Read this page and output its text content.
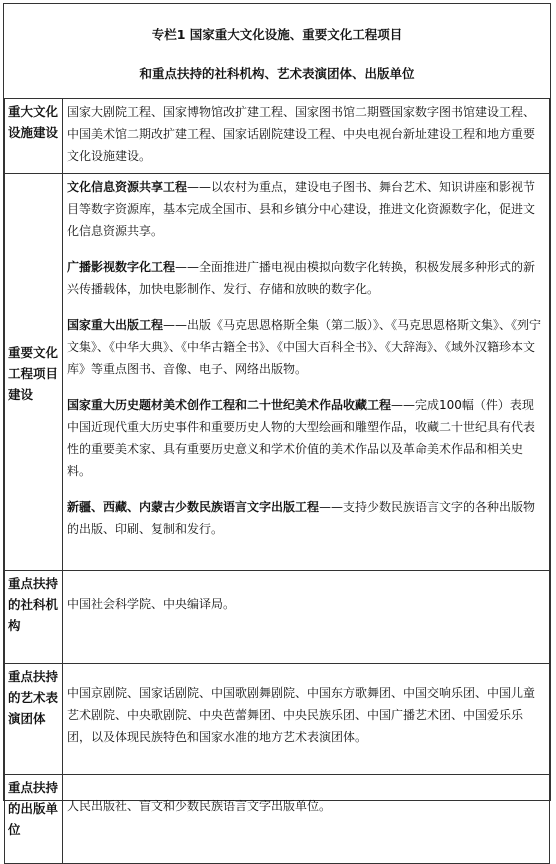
专栏1 国家重大文化设施、重要文化工程项目
和重点扶持的社科机构、艺术表演团体、出版单位
重大文化设施建设	国家大剧院工程、国家博物馆改扩建工程、国家图书馆二期暨国家数字图书馆建设工程、中国美术馆二期改扩建工程、国家话剧院建设工程、中央电视台新址建设工程和地方重要文化设施建设。
重要文化工程项目建设	文化信息资源共享工程——以农村为重点，建设电子图书、舞台艺术、知识讲座和影视节目等数字资源库，基本完成全国市、县和乡镇分中心建设，推进文化资源数字化，促进文化信息资源共享。

广播影视数字化工程——全面推进广播电视由模拟向数字化转换，积极发展多种形式的新兴传播载体，加快电影制作、发行、存储和放映的数字化。

国家重大出版工程——出版《马克思恩格斯全集（第二版）》、《马克思恩格斯文集》、《列宁文集》、《中华大典》、《中华古籍全书》、《中国大百科全书》、《大辞海》、《域外汉籍珍本文库》等重点图书、音像、电子、网络出版物。

国家重大历史题材美术创作工程和二十世纪美术作品收藏工程——完成100幅（件）表现中国近现代重大历史事件和重要历史人物的大型绘画和雕塑作品，收藏二十世纪具有代表性的重要美术家、具有重要历史意义和学术价值的美术作品以及革命美术作品和相关史料。

新疆、西藏、内蒙古少数民族语言文字出版工程——支持少数民族语言文字的各种出版物的出版、印刷、复制和发行。

重点扶持的社科机构	中国社会科学院、中央编译局。
重点扶持的艺术表演团体	中国京剧院、国家话剧院、中国歌剧舞剧院、中国东方歌舞团、中国交响乐团、中国儿童艺术剧院、中央歌剧院、中央芭蕾舞团、中央民族乐团、中国广播艺术团、中国爱乐乐团，以及体现民族特色和国家水准的地方艺术表演团体。
重点扶持的出版单位	人民出版社、盲文和少数民族语言文字出版单位。
